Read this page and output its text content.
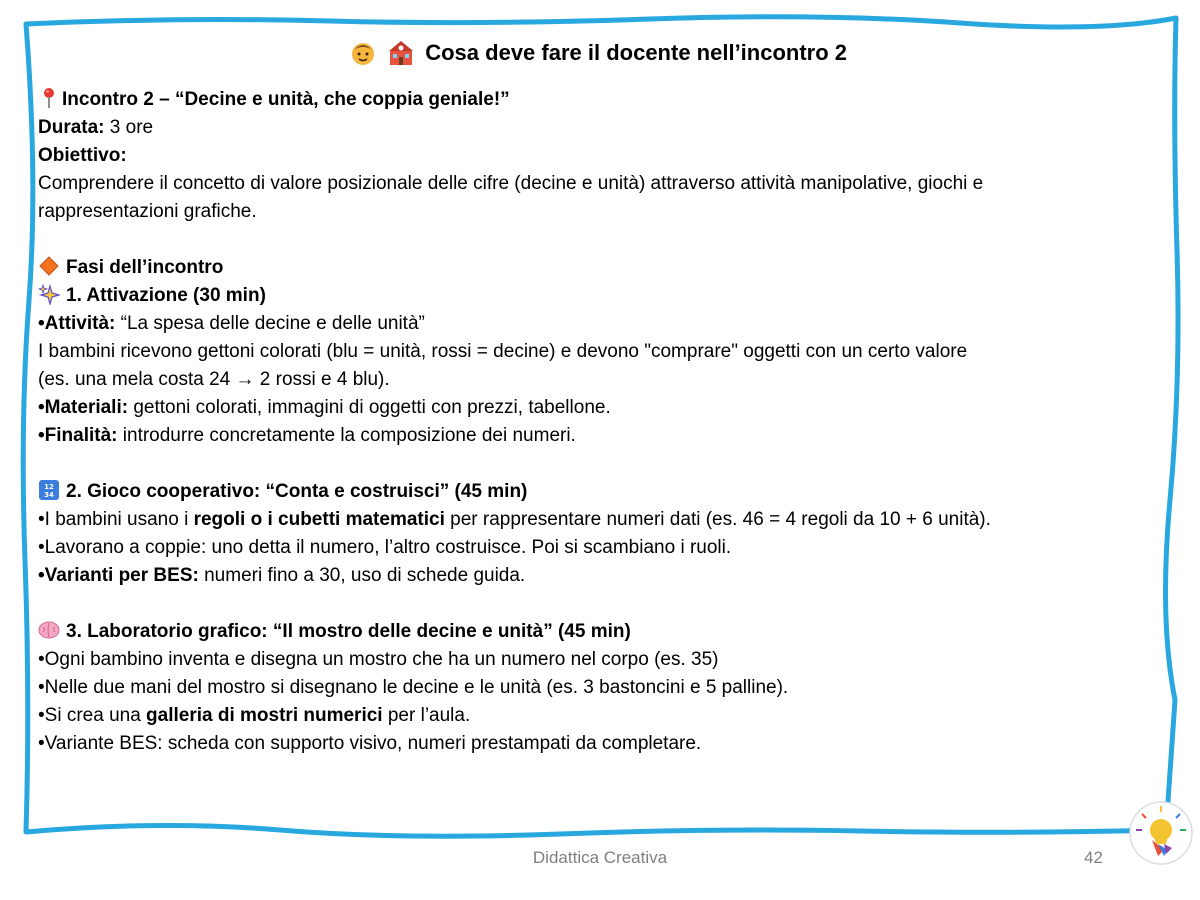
Cosa deve fare il docente nell’incontro 2
Incontro 2 – “Decine e unità, che coppia geniale!”
Durata: 3 ore
Obiettivo:
Comprendere il concetto di valore posizionale delle cifre (decine e unità) attraverso attività manipolative, giochi e rappresentazioni grafiche.
Fasi dell’incontro
1. Attivazione (30 min)
•Attività: “La spesa delle decine e delle unità”
I bambini ricevono gettoni colorati (blu = unità, rossi = decine) e devono "comprare" oggetti con un certo valore
(es. una mela costa 24 → 2 rossi e 4 blu).
•Materiali: gettoni colorati, immagini di oggetti con prezzi, tabellone.
•Finalità: introdurre concretamente la composizione dei numeri.
12
34 2. Gioco cooperativo: “Conta e costruisci” (45 min)
•I bambini usano i regoli o i cubetti matematici per rappresentare numeri dati (es. 46 = 4 regoli da 10 + 6 unità).
•Lavorano a coppie: uno detta il numero, l’altro costruisce. Poi si scambiano i ruoli.
•Varianti per BES: numeri fino a 30, uso di schede guida.
3. Laboratorio grafico: “Il mostro delle decine e unità” (45 min)
•Ogni bambino inventa e disegna un mostro che ha un numero nel corpo (es. 35)
•Nelle due mani del mostro si disegnano le decine e le unità (es. 3 bastoncini e 5 palline).
•Si crea una galleria di mostri numerici per l’aula.
•Variante BES: scheda con supporto visivo, numeri prestampati da completare.
Didattica Creativa	42
